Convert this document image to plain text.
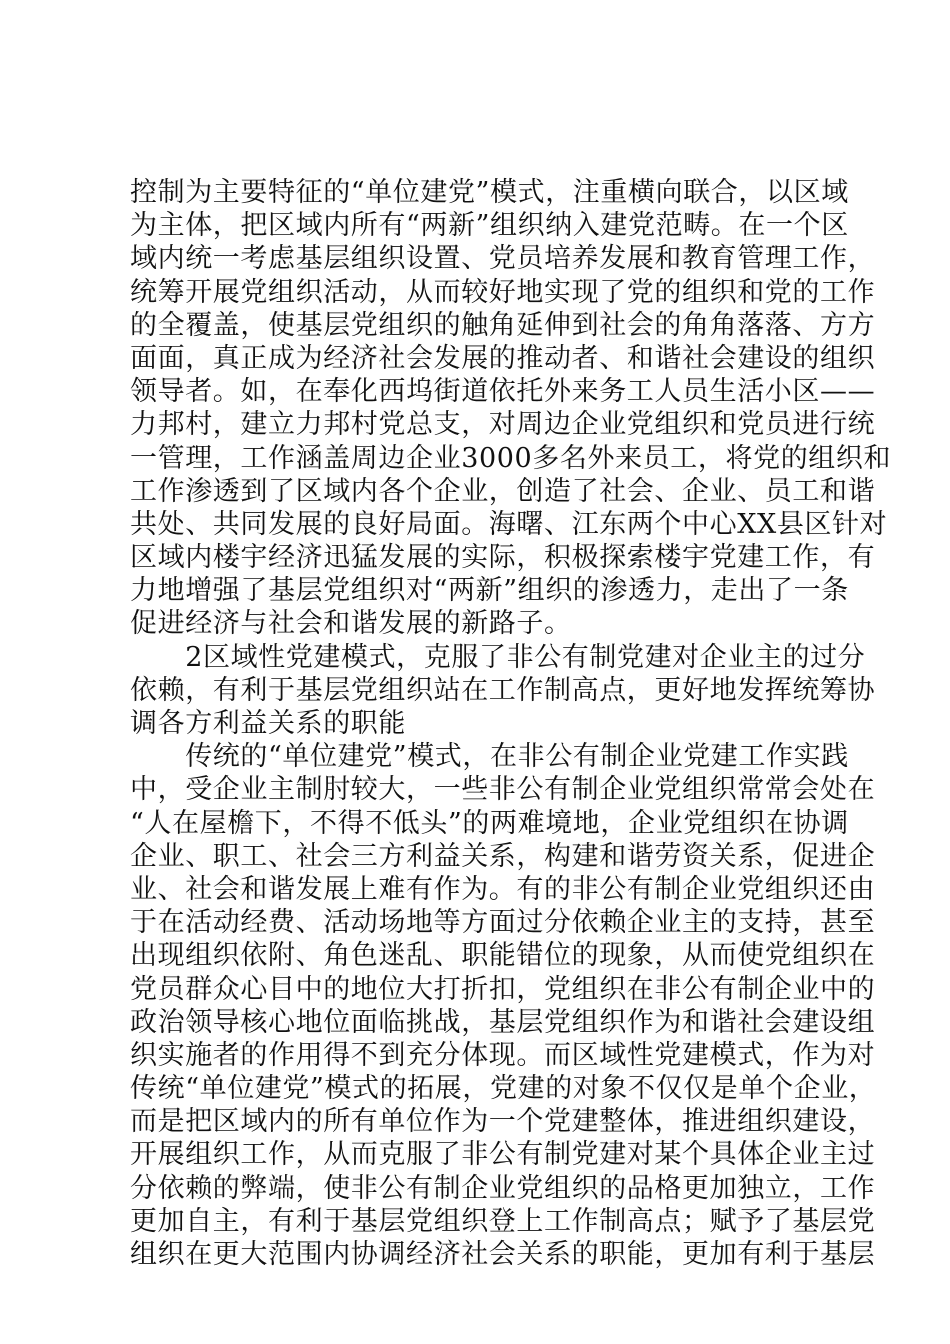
控制为主要特征的“单位建党”模式，注重横向联合，以区域
为主体，把区域内所有“两新”组织纳入建党范畴。在一个区
域内统一考虑基层组织设置、党员培养发展和教育管理工作，
统筹开展党组织活动，从而较好地实现了党的组织和党的工作
的全覆盖，使基层党组织的触角延伸到社会的角角落落、方方
面面，真正成为经济社会发展的推动者、和谐社会建设的组织
领导者。如，在奉化西坞街道依托外来务工人员生活小区——
力邦村，建立力邦村党总支，对周边企业党组织和党员进行统
一管理，工作涵盖周边企业3000多名外来员工，将党的组织和
工作渗透到了区域内各个企业，创造了社会、企业、员工和谐
共处、共同发展的良好局面。海曙、江东两个中心XX县区针对
区域内楼宇经济迅猛发展的实际，积极探索楼宇党建工作，有
力地增强了基层党组织对“两新”组织的渗透力，走出了一条
促进经济与社会和谐发展的新路子。
　　2区域性党建模式，克服了非公有制党建对企业主的过分
依赖，有利于基层党组织站在工作制高点，更好地发挥统筹协
调各方利益关系的职能
　　传统的“单位建党”模式，在非公有制企业党建工作实践
中，受企业主制肘较大，一些非公有制企业党组织常常会处在
“人在屋檐下，不得不低头”的两难境地，企业党组织在协调
企业、职工、社会三方利益关系，构建和谐劳资关系，促进企
业、社会和谐发展上难有作为。有的非公有制企业党组织还由
于在活动经费、活动场地等方面过分依赖企业主的支持，甚至
出现组织依附、角色迷乱、职能错位的现象，从而使党组织在
党员群众心目中的地位大打折扣，党组织在非公有制企业中的
政治领导核心地位面临挑战，基层党组织作为和谐社会建设组
织实施者的作用得不到充分体现。而区域性党建模式，作为对
传统“单位建党”模式的拓展，党建的对象不仅仅是单个企业，
而是把区域内的所有单位作为一个党建整体，推进组织建设，
开展组织工作，从而克服了非公有制党建对某个具体企业主过
分依赖的弊端，使非公有制企业党组织的品格更加独立，工作
更加自主，有利于基层党组织登上工作制高点；赋予了基层党
组织在更大范围内协调经济社会关系的职能，更加有利于基层
